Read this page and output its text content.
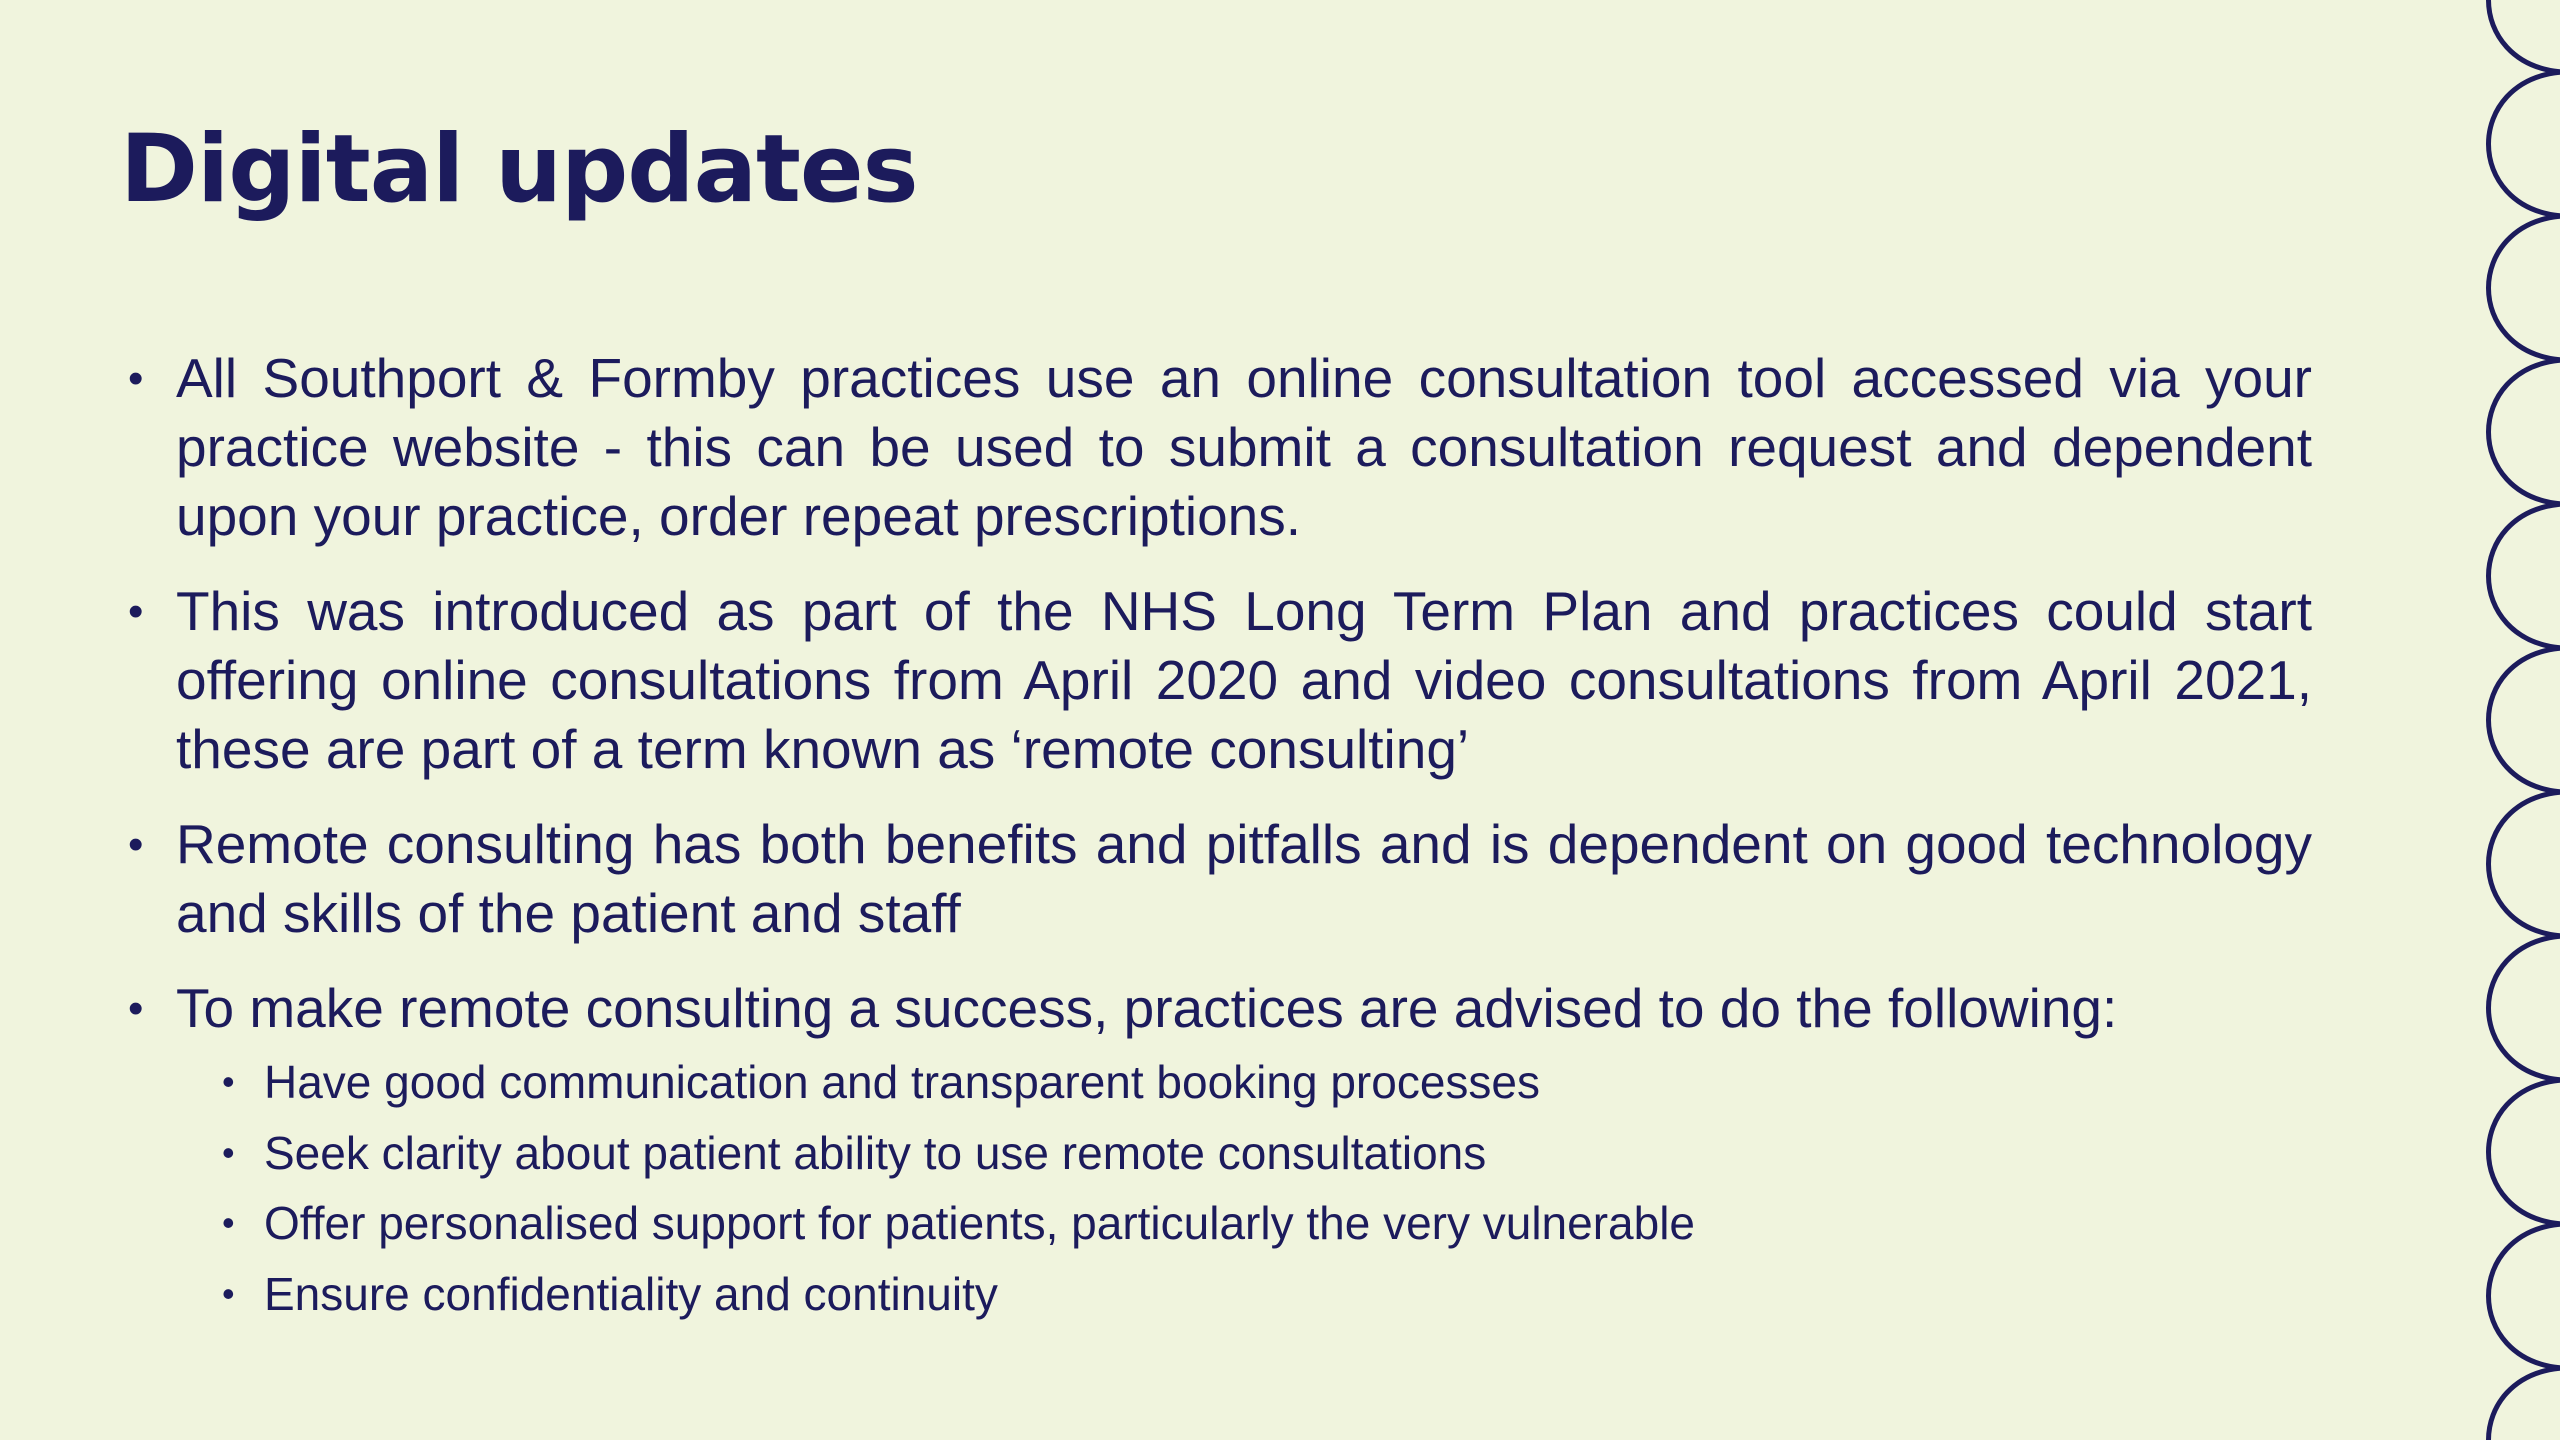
Digital updates
• All Southport & Formby practices use an online consultation tool accessed via your practice website - this can be used to submit a consultation request and dependent upon your practice, order repeat prescriptions.
• This was introduced as part of the NHS Long Term Plan and practices could start offering online consultations from April 2020 and video consultations from April 2021, these are part of a term known as ‘remote consulting’
• Remote consulting has both benefits and pitfalls and is dependent on good technology and skills of the patient and staff
• To make remote consulting a success, practices are advised to do the following:
• Have good communication and transparent booking processes
• Seek clarity about patient ability to use remote consultations
• Offer personalised support for patients, particularly the very vulnerable
• Ensure confidentiality and continuity
